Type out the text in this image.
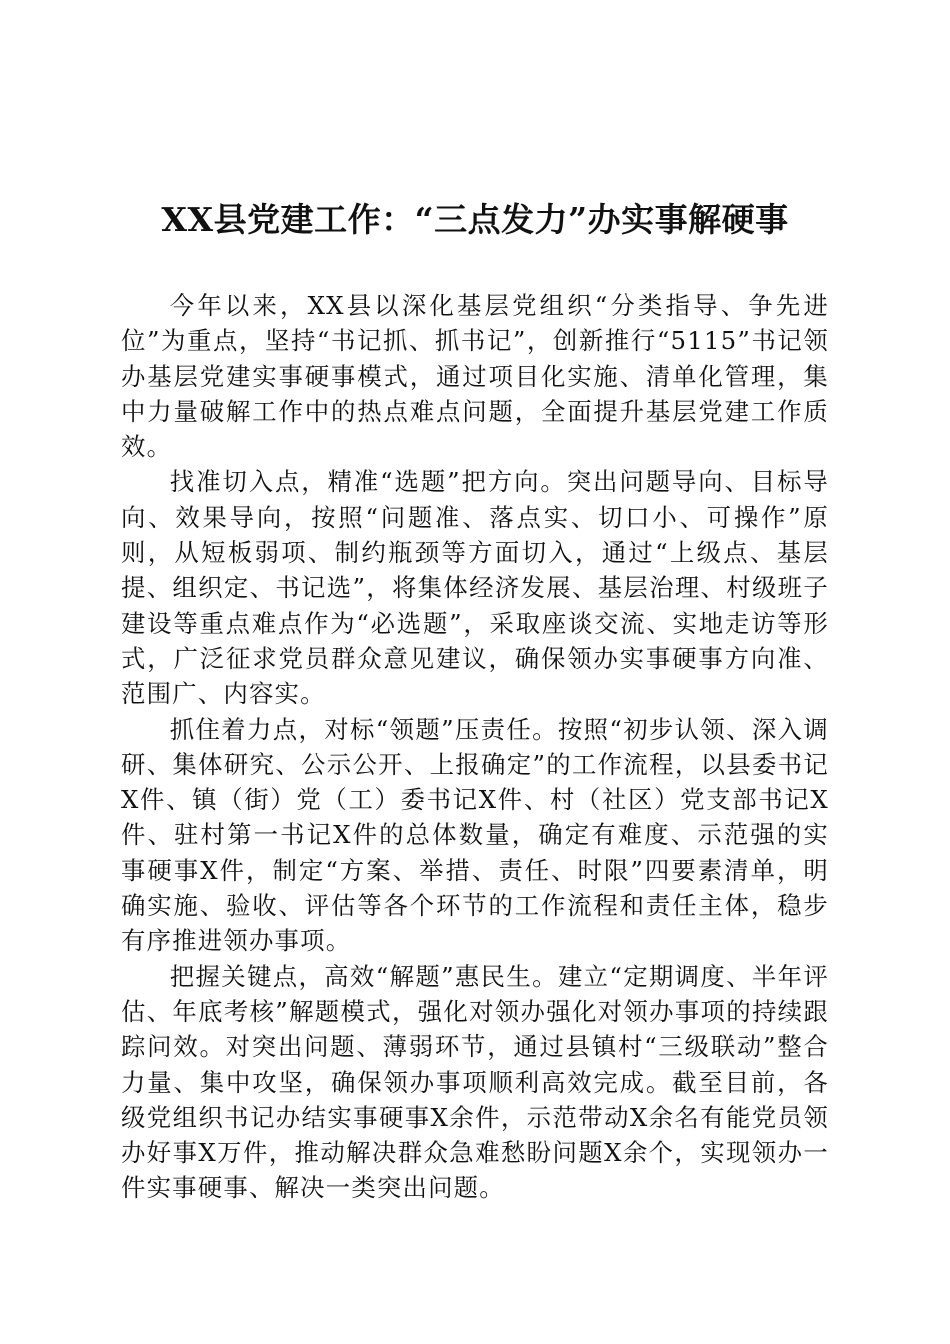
XX县党建工作：“三点发力”办实事解硬事

今年以来，XX县以深化基层党组织“分类指导、争先进位”为重点，坚持“书记抓、抓书记”，创新推行“5115”书记领办基层党建实事硬事模式，通过项目化实施、清单化管理，集中力量破解工作中的热点难点问题，全面提升基层党建工作质效。

找准切入点，精准“选题”把方向。突出问题导向、目标导向、效果导向，按照“问题准、落点实、切口小、可操作”原则，从短板弱项、制约瓶颈等方面切入，通过“上级点、基层提、组织定、书记选”，将集体经济发展、基层治理、村级班子建设等重点难点作为“必选题”，采取座谈交流、实地走访等形式，广泛征求党员群众意见建议，确保领办实事硬事方向准、范围广、内容实。

抓住着力点，对标“领题”压责任。按照“初步认领、深入调研、集体研究、公示公开、上报确定”的工作流程，以县委书记X件、镇（街）党（工）委书记X件、村（社区）党支部书记X件、驻村第一书记X件的总体数量，确定有难度、示范强的实事硬事X件，制定“方案、举措、责任、时限”四要素清单，明确实施、验收、评估等各个环节的工作流程和责任主体，稳步有序推进领办事项。

把握关键点，高效“解题”惠民生。建立“定期调度、半年评估、年底考核”解题模式，强化对领办强化对领办事项的持续跟踪问效。对突出问题、薄弱环节，通过县镇村“三级联动”整合力量、集中攻坚，确保领办事项顺利高效完成。截至目前，各级党组织书记办结实事硬事X余件，示范带动X余名有能党员领办好事X万件，推动解决群众急难愁盼问题X余个，实现领办一件实事硬事、解决一类突出问题。
